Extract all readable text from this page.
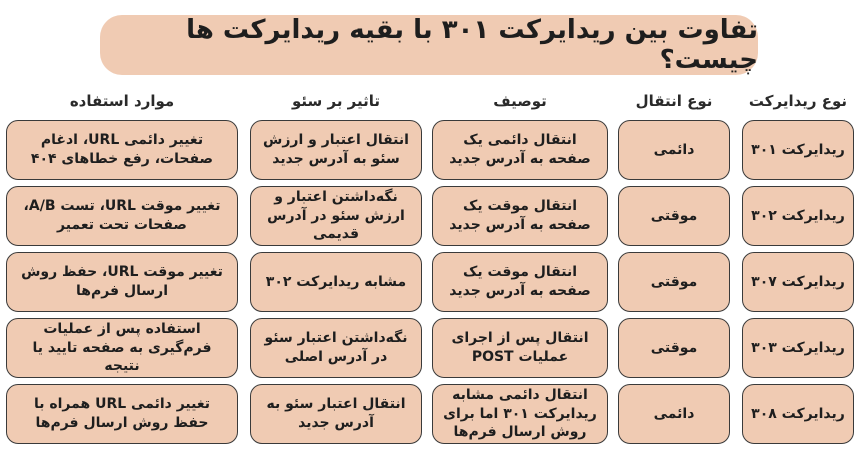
تفاوت بین ریدایرکت ۳۰۱ با بقیه ریدایرکت ها چیست؟
نوع ریدایرکت
نوع انتقال
توصیف
تاثیر بر سئو
موارد استفاده
ریدایرکت ۳۰۱
دائمی
انتقال دائمی یک صفحه به آدرس جدید
انتقال اعتبار و ارزش سئو به آدرس جدید
تغییر دائمی URL، ادغام صفحات، رفع خطاهای ۴۰۴
ریدایرکت ۳۰۲
موقتی
انتقال موقت یک صفحه به آدرس جدید
نگه‌داشتن اعتبار و ارزش سئو در آدرس قدیمی
تغییر موقت URL، تست A/B، صفحات تحت تعمیر
ریدایرکت ۳۰۷
موقتی
انتقال موقت یک صفحه به آدرس جدید
مشابه ریدایرکت ۳۰۲
تغییر موقت URL، حفظ روش ارسال فرم‌ها
ریدایرکت ۳۰۳
موقتی
انتقال پس از اجرای عملیات POST
نگه‌داشتن اعتبار سئو در آدرس اصلی
استفاده پس از عملیات فرم‌گیری به صفحه تایید یا نتیجه
ریدایرکت ۳۰۸
دائمی
انتقال دائمی مشابه ریدایرکت ۳۰۱ اما برای روش ارسال فرم‌ها
انتقال اعتبار سئو به آدرس جدید
تغییر دائمی URL همراه با حفظ روش ارسال فرم‌ها
